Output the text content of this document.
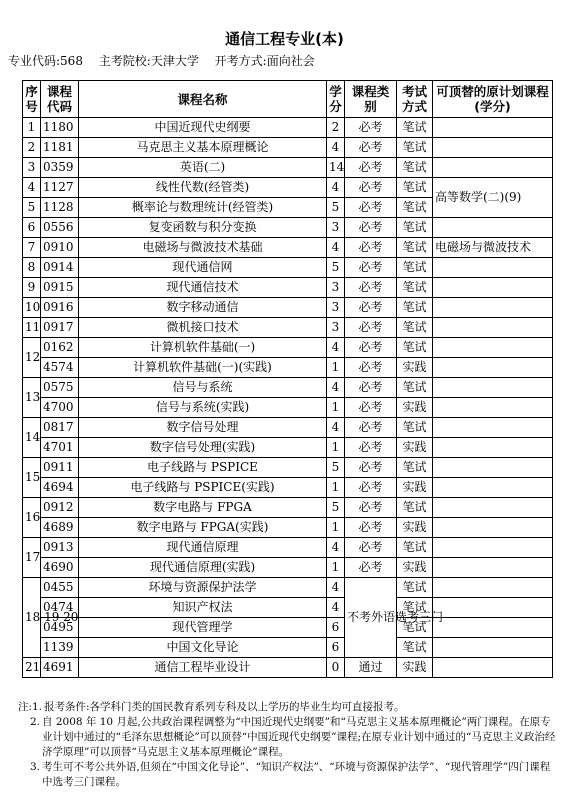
通信工程专业(本)
专业代码:568 主考院校:天津大学 开考方式:面向社会
序号	课程代码	课程名称	学分	课程类别	考试方式	可顶替的原计划课程(学分)
1	1180	中国近现代史纲要	2	必考	笔试	
2	1181	马克思主义基本原理概论	4	必考	笔试	
3	0359	英语(二)	14	必考	笔试	
4	1127	线性代数(经管类)	4	必考	笔试	高等数学(二)(9)
5	1128	概率论与数理统计(经管类)	5	必考	笔试	
6	0556	复变函数与积分变换	3	必考	笔试	
7	0910	电磁场与微波技术基础	4	必考	笔试	电磁场与微波技术
8	0914	现代通信网	5	必考	笔试	
9	0915	现代通信技术	3	必考	笔试	
10	0916	数字移动通信	3	必考	笔试	
11	0917	微机接口技术	3	必考	笔试	
12	0162	计算机软件基础(一)	4	必考	笔试	
	4574	计算机软件基础(一)(实践)	1	必考	实践	
13	0575	信号与系统	4	必考	笔试	
	4700	信号与系统(实践)	1	必考	实践	
14	0817	数字信号处理	4	必考	笔试	
	4701	数字信号处理(实践)	1	必考	实践	
15	0911	电子线路与 PSPICE	5	必考	笔试	
	4694	电子线路与 PSPICE(实践)	1	必考	实践	
16	0912	数字电路与 FPGA	5	必考	笔试	
	4689	数字电路与 FPGA(实践)	1	必考	实践	
17	0913	现代通信原理	4	必考	笔试	
	4690	现代通信原理(实践)	1	必考	实践	
18 19 20	0455	环境与资源保护法学	4	不考外语选考三门	笔试	
	0474	知识产权法	4		笔试	
	0495	现代管理学	6		笔试	
	1139	中国文化导论	6		笔试	
21	4691	通信工程毕业设计	0	通过	实践	
注:1. 报考条件:各学科门类的国民教育系列专科及以上学历的毕业生均可直接报考。
2. 自 2008 年 10 月起,公共政治课程调整为“中国近现代史纲要”和“马克思主义基本原理概论”两门课程。在原专业计划中通过的“毛泽东思想概论”可以顶替“中国近现代史纲要”课程;在原专业计划中通过的“马克思主义政治经济学原理”可以顶替“马克思主义基本原理概论”课程。
3. 考生可不考公共外语,但须在“中国文化导论”、“知识产权法”、“环境与资源保护法学”、“现代管理学”四门课程中选考三门课程。
